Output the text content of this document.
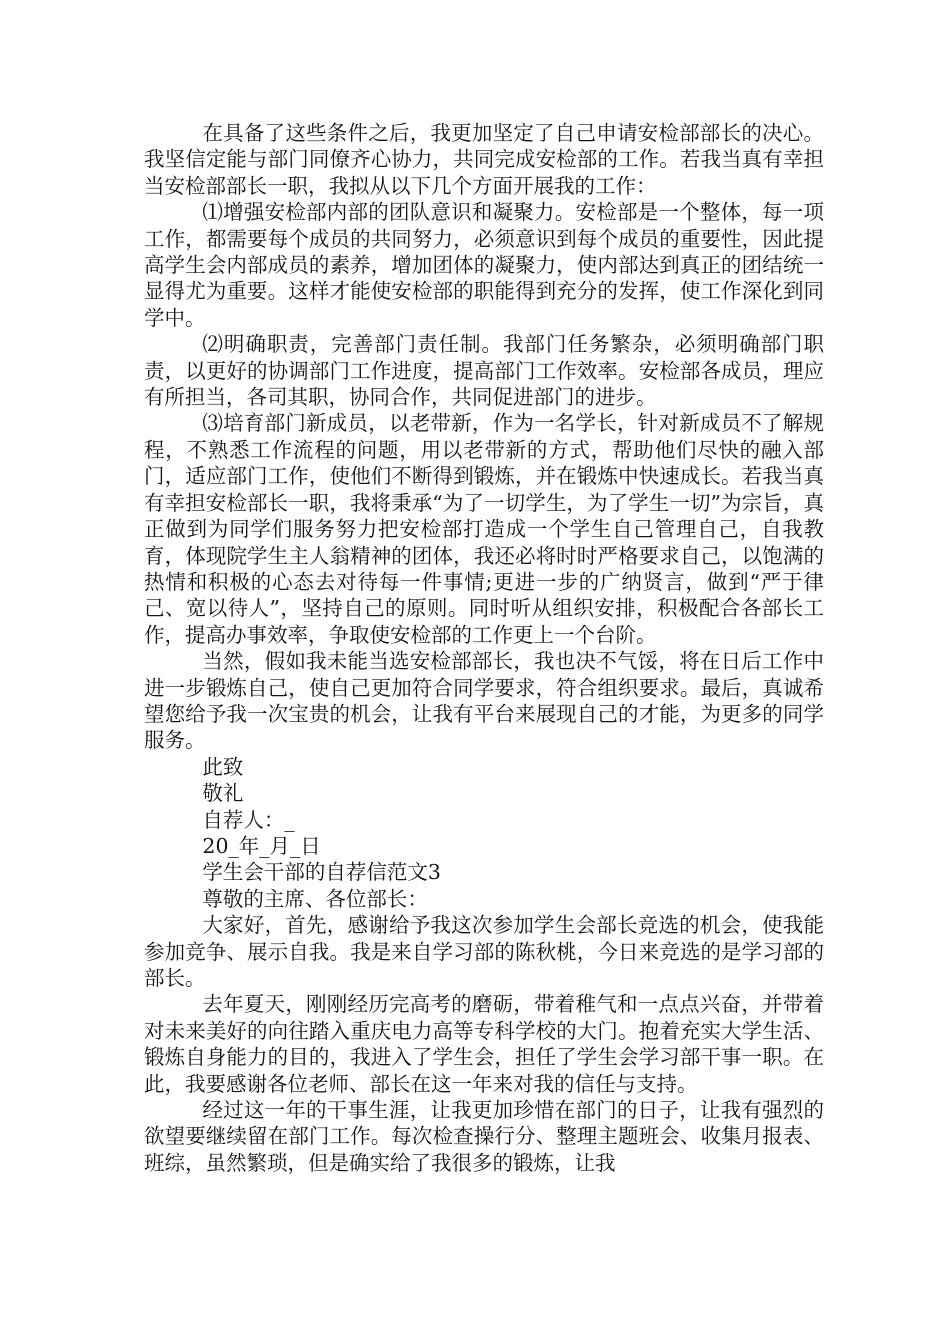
在具备了这些条件之后，我更加坚定了自己申请安检部部长的决心。我坚信定能与部门同僚齐心协力，共同完成安检部的工作。若我当真有幸担当安检部部长一职，我拟从以下几个方面开展我的工作：

⑴增强安检部内部的团队意识和凝聚力。安检部是一个整体，每一项工作，都需要每个成员的共同努力，必须意识到每个成员的重要性，因此提高学生会内部成员的素养，增加团体的凝聚力，使内部达到真正的团结统一显得尤为重要。这样才能使安检部的职能得到充分的发挥，使工作深化到同学中。

⑵明确职责，完善部门责任制。我部门任务繁杂，必须明确部门职责，以更好的协调部门工作进度，提高部门工作效率。安检部各成员，理应有所担当，各司其职，协同合作，共同促进部门的进步。

⑶培育部门新成员，以老带新，作为一名学长，针对新成员不了解规程，不熟悉工作流程的问题，用以老带新的方式，帮助他们尽快的融入部门，适应部门工作，使他们不断得到锻炼，并在锻炼中快速成长。若我当真有幸担安检部长一职，我将秉承“为了一切学生，为了学生一切”为宗旨，真正做到为同学们服务努力把安检部打造成一个学生自己管理自己，自我教育，体现院学生主人翁精神的团体，我还必将时时严格要求自己，以饱满的热情和积极的心态去对待每一件事情;更进一步的广纳贤言，做到“严于律己、宽以待人”，坚持自己的原则。同时听从组织安排，积极配合各部长工作，提高办事效率，争取使安检部的工作更上一个台阶。

当然，假如我未能当选安检部部长，我也决不气馁，将在日后工作中进一步锻炼自己，使自己更加符合同学要求，符合组织要求。最后，真诚希望您给予我一次宝贵的机会，让我有平台来展现自己的才能，为更多的同学服务。

此致

敬礼

自荐人：_

20_年_月_日

学生会干部的自荐信范文3

尊敬的主席、各位部长：

大家好，首先，感谢给予我这次参加学生会部长竞选的机会，使我能参加竞争、展示自我。我是来自学习部的陈秋桃，今日来竞选的是学习部的部长。

去年夏天，刚刚经历完高考的磨砺，带着稚气和一点点兴奋，并带着对未来美好的向往踏入重庆电力高等专科学校的大门。抱着充实大学生活、锻炼自身能力的目的，我进入了学生会，担任了学生会学习部干事一职。在此，我要感谢各位老师、部长在这一年来对我的信任与支持。

经过这一年的干事生涯，让我更加珍惜在部门的日子，让我有强烈的欲望要继续留在部门工作。每次检查操行分、整理主题班会、收集月报表、班综，虽然繁琐，但是确实给了我很多的锻炼，让我
